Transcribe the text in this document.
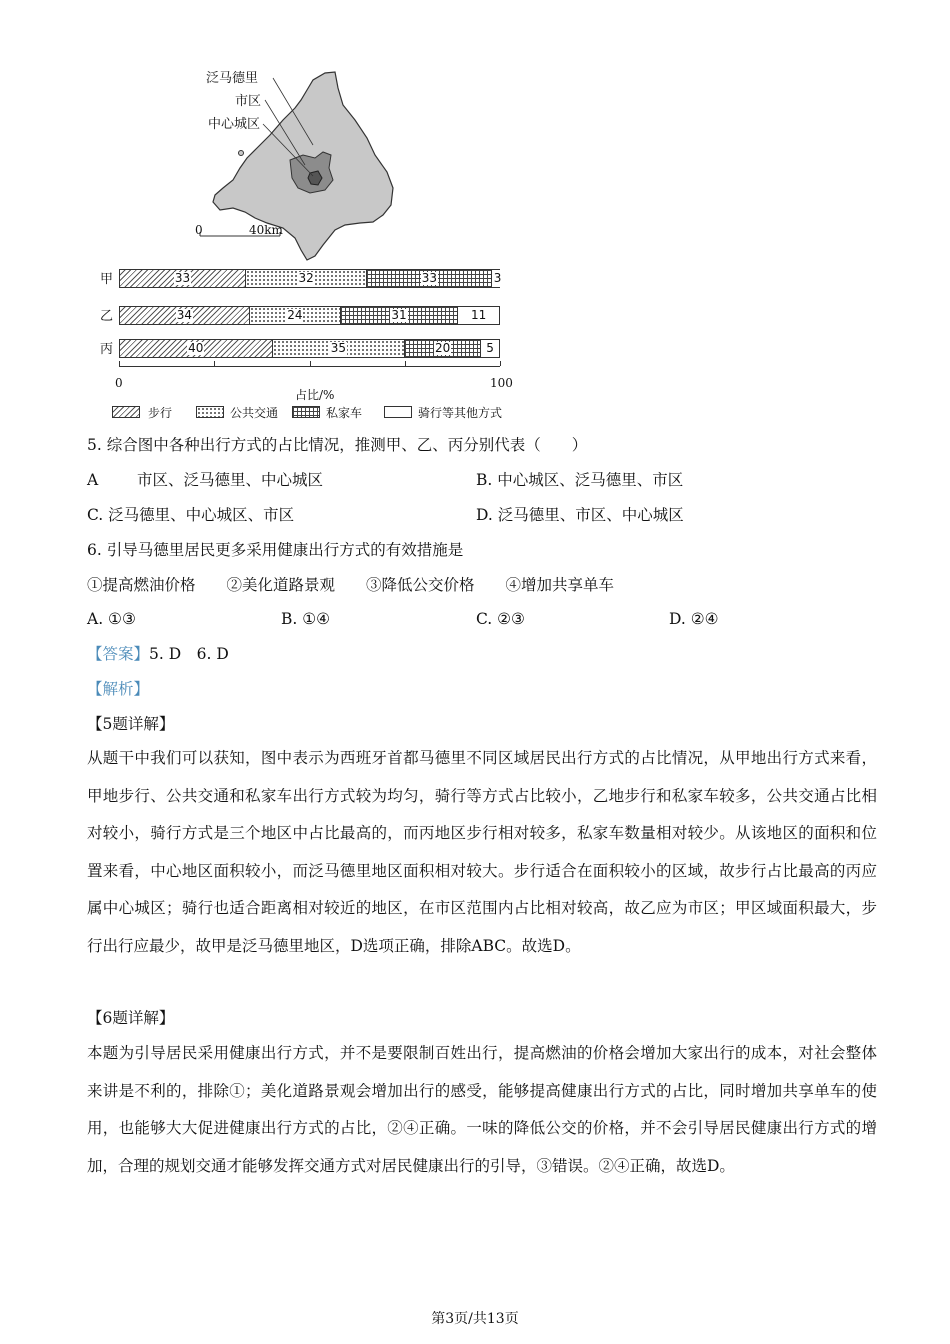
泛马德里
市区
中心城区
0	40km
甲	33	32	33	3
乙	34	24	31	11
丙	40	35	20	5
0	100
占比/%
步行	公共交通	私家车	骑行等其他方式
5. 综合图中各种出行方式的占比情况，推测甲、乙、丙分别代表（　　）
A	市区、泛马德里、中心城区	B. 中心城区、泛马德里、市区
C. 泛马德里、中心城区、市区	D. 泛马德里、市区、中心城区
6. 引导马德里居民更多采用健康出行方式的有效措施是
①提高燃油价格　　②美化道路景观　　③降低公交价格　　④增加共享单车
A. ①③	B. ①④	C. ②③	D. ②④
【答案】5. D　6. D
【解析】
【5题详解】
从题干中我们可以获知，图中表示为西班牙首都马德里不同区域居民出行方式的占比情况，从甲地出行方式来看，甲地步行、公共交通和私家车出行方式较为均匀，骑行等方式占比较小，乙地步行和私家车较多，公共交通占比相对较小，骑行方式是三个地区中占比最高的，而丙地区步行相对较多，私家车数量相对较少。从该地区的面积和位置来看，中心地区面积较小，而泛马德里地区面积相对较大。步行适合在面积较小的区域，故步行占比最高的丙应属中心城区；骑行也适合距离相对较近的地区，在市区范围内占比相对较高，故乙应为市区；甲区域面积最大，步行出行应最少，故甲是泛马德里地区，D选项正确，排除ABC。故选D。
【6题详解】
本题为引导居民采用健康出行方式，并不是要限制百姓出行，提高燃油的价格会增加大家出行的成本，对社会整体来讲是不利的，排除①；美化道路景观会增加出行的感受，能够提高健康出行方式的占比，同时增加共享单车的使用，也能够大大促进健康出行方式的占比，②④正确。一味的降低公交的价格，并不会引导居民健康出行方式的增加，合理的规划交通才能够发挥交通方式对居民健康出行的引导，③错误。②④正确，故选D。
第3页/共13页
